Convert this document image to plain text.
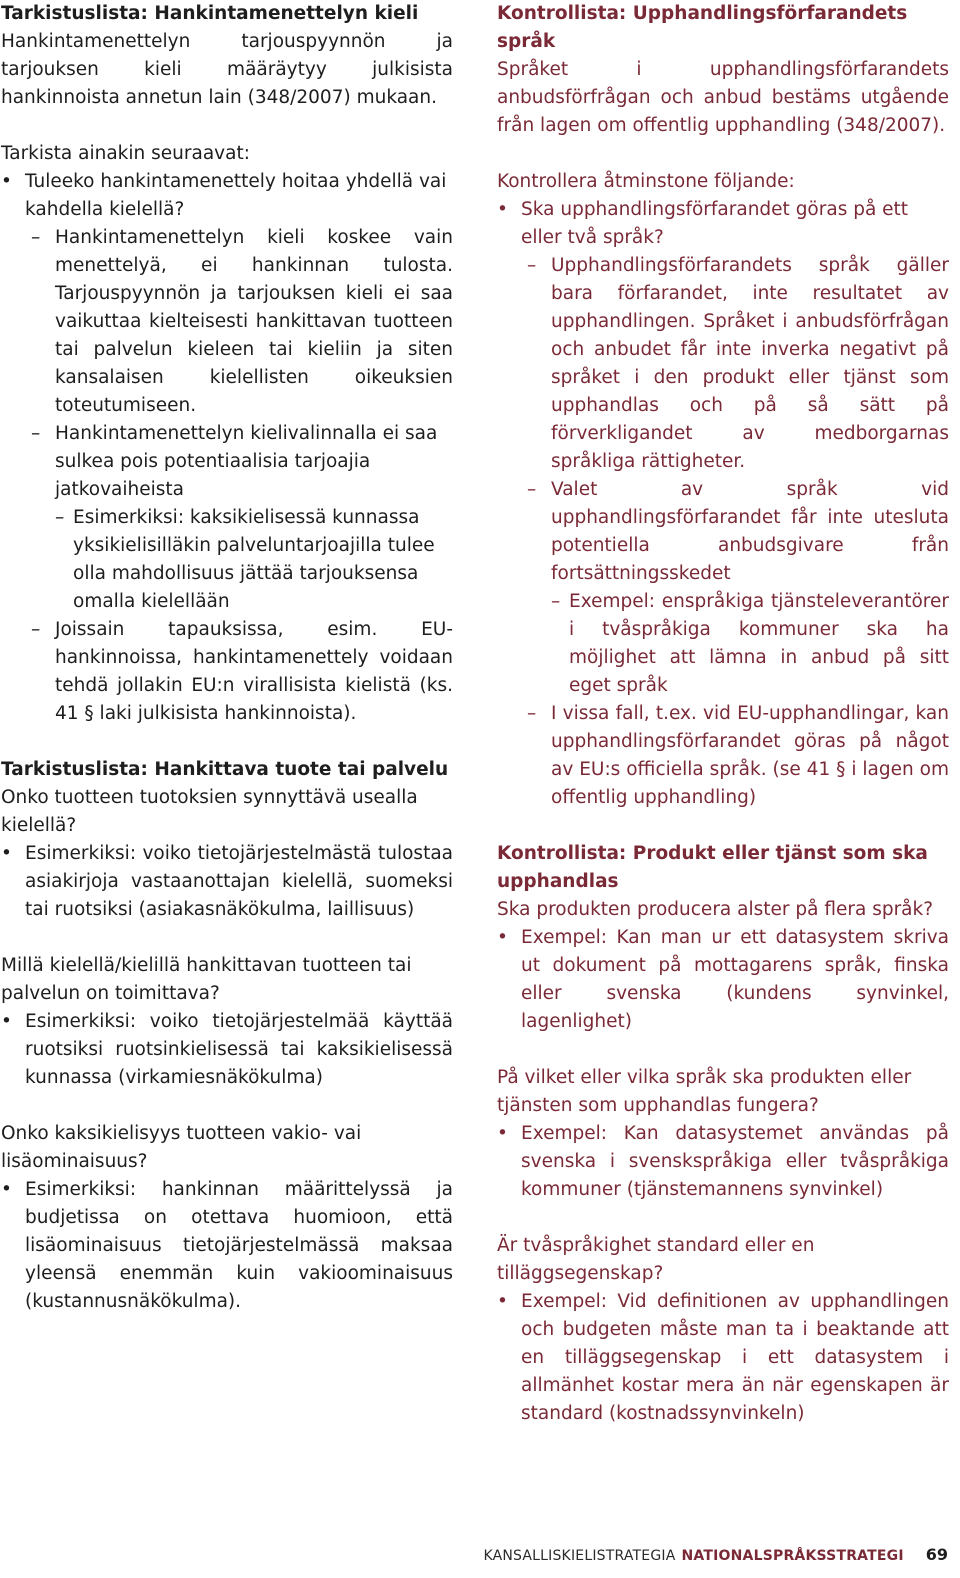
Tarkistuslista: Hankintamenettelyn kieli

Hankintamenettelyn tarjouspyynnön ja tarjouksen kieli määräytyy julkisista hankinnoista annetun lain (348/2007) mukaan.

Tarkista ainakin seuraavat:

• Tuleeko hankintamenettely hoitaa yhdellä vai kahdella kielellä?
– Hankintamenettelyn kieli koskee vain menettelyä, ei hankinnan tulosta. Tarjouspyynnön ja tarjouksen kieli ei saa vaikuttaa kielteisesti hankittavan tuotteen tai palvelun kieleen tai kieliin ja siten kansalaisen kielellisten oikeuksien toteutumiseen.
– Hankintamenettelyn kielivalinnalla ei saa sulkea pois potentiaalisia tarjoajia jatkovaiheista
– Esimerkiksi: kaksikielisessä kunnassa yksikielisilläkin palveluntarjoajilla tulee olla mahdollisuus jättää tarjouksensa omalla kielellään
– Joissain tapauksissa, esim. EU-hankinnoissa, hankintamenettely voidaan tehdä jollakin EU:n virallisista kielistä (ks. 41 § laki julkisista hankinnoista).

Tarkistuslista: Hankittava tuote tai palvelu

Onko tuotteen tuotoksien synnyttävä usealla kielellä?

• Esimerkiksi: voiko tietojärjestelmästä tulostaa asiakirjoja vastaanottajan kielellä, suomeksi tai ruotsiksi (asiakasnäkökulma, laillisuus)

Millä kielellä/kielillä hankittavan tuotteen tai palvelun on toimittava?

• Esimerkiksi: voiko tietojärjestelmää käyttää ruotsiksi ruotsinkielisessä tai kaksikielisessä kunnassa (virkamiesnäkökulma)

Onko kaksikielisyys tuotteen vakio- vai lisäominaisuus?

• Esimerkiksi: hankinnan määrittelyssä ja budjetissa on otettava huomioon, että lisäominaisuus tietojärjestelmässä maksaa yleensä enemmän kuin vakioominaisuus (kustannusnäkökulma).

Kontrollista: Upphandlingsförfarandets språk

Språket i upphandlingsförfarandets anbudsförfrågan och anbud bestäms utgående från lagen om offentlig upphandling (348/2007).

Kontrollera åtminstone följande:

• Ska upphandlingsförfarandet göras på ett eller två språk?
– Upphandlingsförfarandets språk gäller bara förfarandet, inte resultatet av upphandlingen. Språket i anbudsförfrågan och anbudet får inte inverka negativt på språket i den produkt eller tjänst som upphandlas och på så sätt på förverkligandet av medborgarnas språkliga rättigheter.
– Valet av språk vid upphandlingsförfarandet får inte utesluta potentiella anbudsgivare från fortsättningsskedet
– Exempel: enspråkiga tjänsteleverantörer i tvåspråkiga kommuner ska ha möjlighet att lämna in anbud på sitt eget språk
– I vissa fall, t.ex. vid EU-upphandlingar, kan upphandlingsförfarandet göras på något av EU:s officiella språk. (se 41 § i lagen om offentlig upphandling)

Kontrollista: Produkt eller tjänst som ska upphandlas

Ska produkten producera alster på flera språk?

• Exempel: Kan man ur ett datasystem skriva ut dokument på mottagarens språk, finska eller svenska (kundens synvinkel, lagenlighet)

På vilket eller vilka språk ska produkten eller tjänsten som upphandlas fungera?

• Exempel: Kan datasystemet användas på svenska i svenskspråkiga eller tvåspråkiga kommuner (tjänstemannens synvinkel)

Är tvåspråkighet standard eller en tilläggsegenskap?

• Exempel: Vid definitionen av upphandlingen och budgeten måste man ta i beaktande att en tilläggsegenskap i ett datasystem i allmänhet kostar mera än när egenskapen är standard (kostnadssynvinkeln)
KANSALLISKIELISTRATEGIA NATIONALSPRÅKSSTRATEGI 69
